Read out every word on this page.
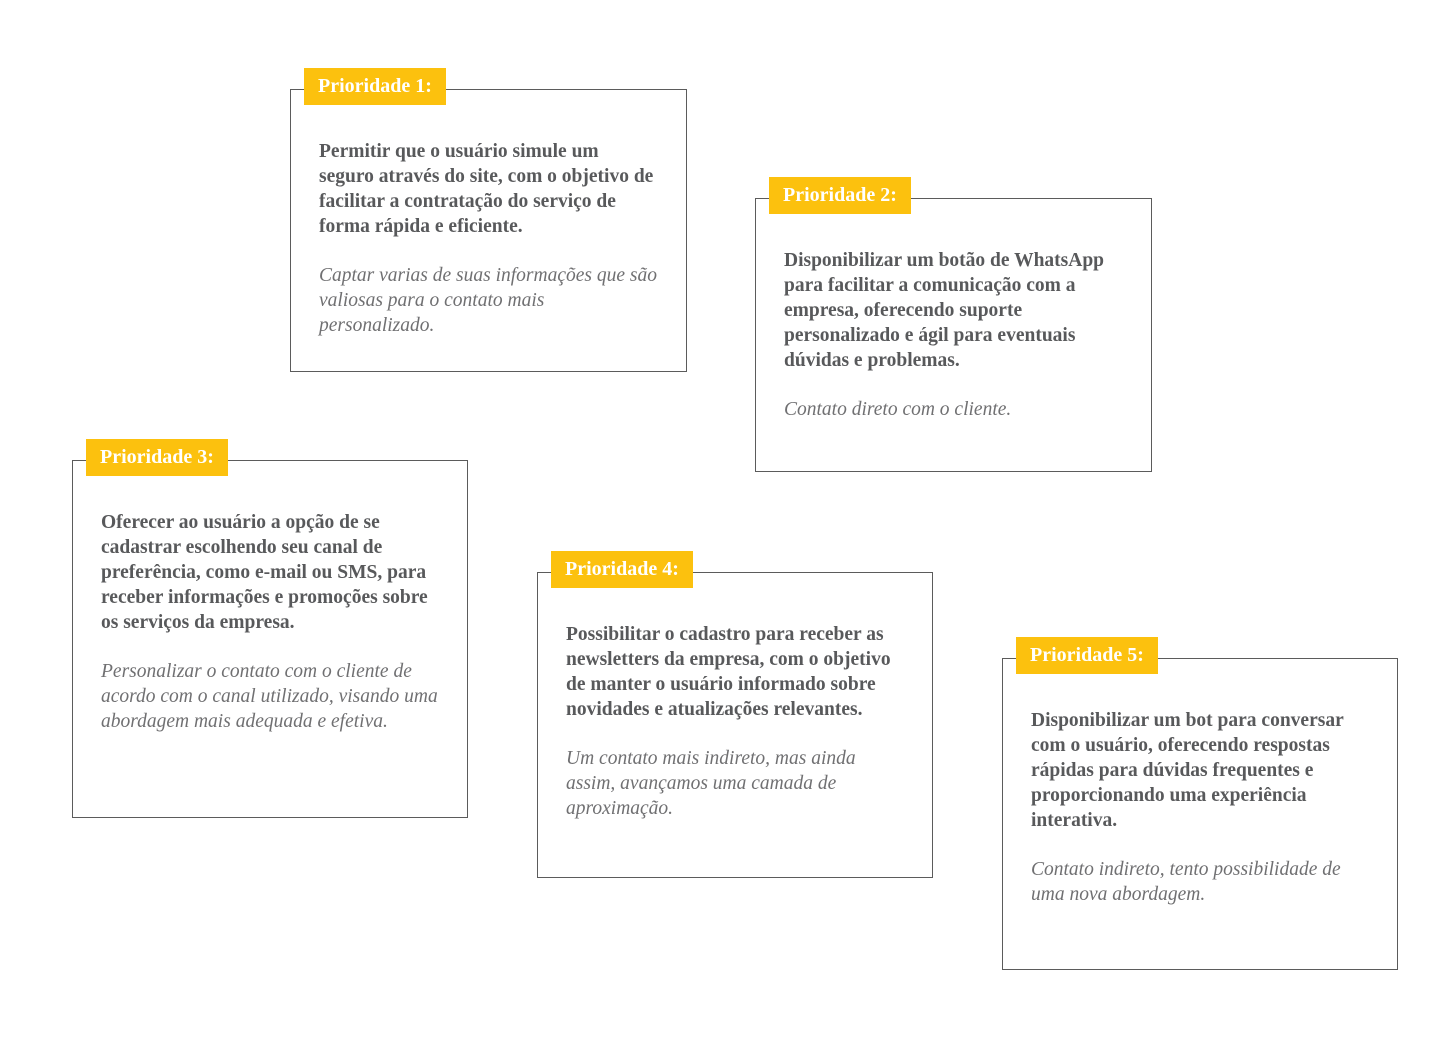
Prioridade 1:

Permitir que o usuário simule um seguro através do site, com o objetivo de facilitar a contratação do serviço de forma rápida e eficiente.

Captar varias de suas informações que são valiosas para o contato mais personalizado.

Prioridade 2:

Disponibilizar um botão de WhatsApp para facilitar a comunicação com a empresa, oferecendo suporte personalizado e ágil para eventuais dúvidas e problemas.

Contato direto com o cliente.

Prioridade 3:

Oferecer ao usuário a opção de se cadastrar escolhendo seu canal de preferência, como e-mail ou SMS, para receber informações e promoções sobre os serviços da empresa.

Personalizar o contato com o cliente de acordo com o canal utilizado, visando uma abordagem mais adequada e efetiva.

Prioridade 4:

Possibilitar o cadastro para receber as newsletters da empresa, com o objetivo de manter o usuário informado sobre novidades e atualizações relevantes.

Um contato mais indireto, mas ainda assim, avançamos uma camada de aproximação.

Prioridade 5:

Disponibilizar um bot para conversar com o usuário, oferecendo respostas rápidas para dúvidas frequentes e proporcionando uma experiência interativa.

Contato indireto, tento possibilidade de uma nova abordagem.
